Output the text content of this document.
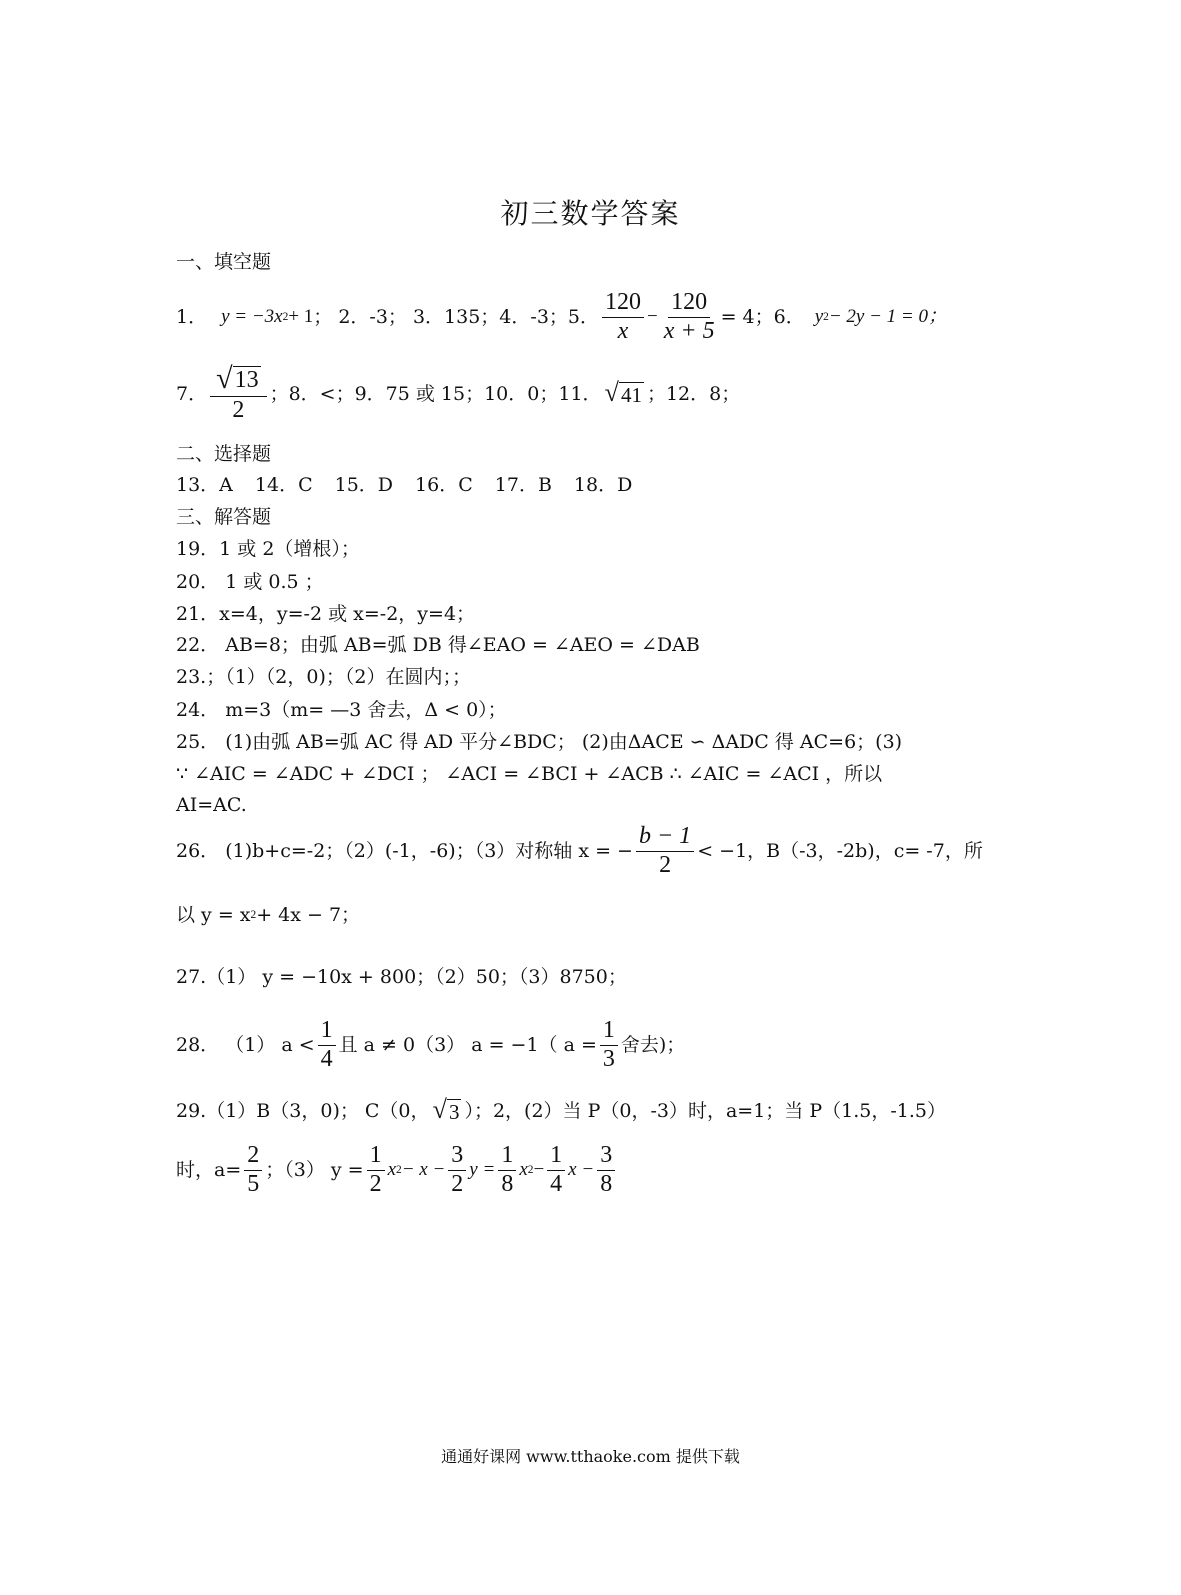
初三数学答案
一、填空题
1． y = −3x 2 + 1 ； 2．-3； 3．135；4．-3；5． $\frac{120}{x} - \frac{120}{x + 5} = 4$；6． y 2 − 2y − 1 = 0；
7． $\frac{√ 13}{2}$ ；8．<；9．75 或 15；10．0；11． √ 41 ；12．8；
二、选择题
13．A 14．C 15．D 16．C 17．B 18．D
三、解答题
19．1 或 2（增根）；
20． 1 或 0.5 ；
21．x=4，y=-2 或 x=-2，y=4；
22． AB=8；由弧 AB=弧 DB 得∠EAO = ∠AEO = ∠DAB
23.；（1）（2，0)；（2）在圆内；；
24． m=3（m= —3 舍去，Δ < 0）；
25． (1)由弧 AB=弧 AC 得 AD 平分∠BDC； (2)由ΔACE ∽ ΔADC 得 AC=6；(3)
∵ ∠AIC = ∠ADC + ∠DCI ； ∠ACI = ∠BCI + ∠ACB ∴ ∠AIC = ∠ACI ，所以
AI=AC.
26． (1)b+c=-2；（2）(-1，-6)；（3）对称轴 x = − $\frac{b - 1}{2} < -1$，B（-3，-2b)，c= -7，所
以 y = x 2 + 4x − 7；
27.（1） y = −10x + 800；（2）50；（3）8750；
28． （1） $a < \frac{1}{4}$ 且 a ≠ 0（3） a = −1（ $a = \frac{1}{3}$ 舍去)；
29.（1）B（3，0)； C（0， √ 3 ）；2，(2）当 P（0，-3）时，a=1；当 P（1.5，-1.5）
时，$a= \frac{2}{5}$ ；（3） $y = \frac{1}{2}$ x $2 - x - \frac{3}{2}$ $y = \frac{1}{8}$ x $2 - \frac{1}{4}$ $x - \frac{3}{8}$
通通好课网 www.tthaoke.com 提供下载
